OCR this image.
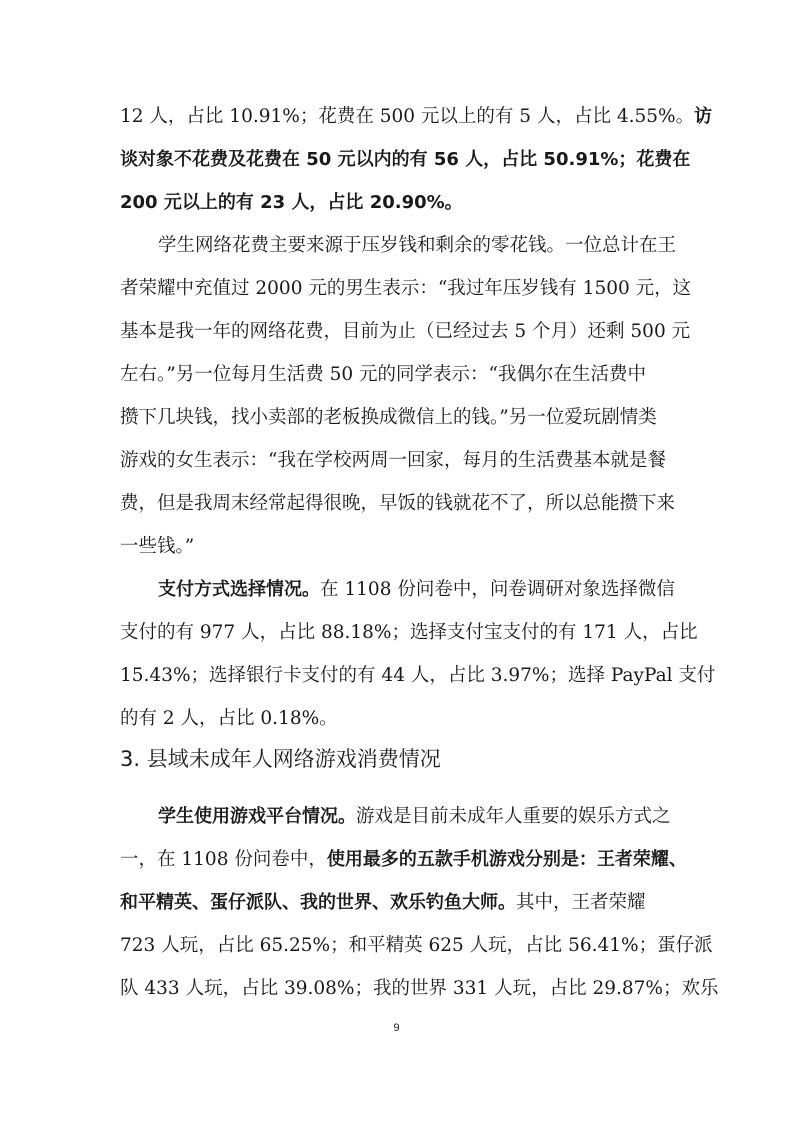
12 人，占比 10.91%；花费在 500 元以上的有 5 人，占比 4.55%。访
谈对象不花费及花费在 50 元以内的有 56 人，占比 50.91%；花费在
200 元以上的有 23 人，占比 20.90%。
学生网络花费主要来源于压岁钱和剩余的零花钱。一位总计在王
者荣耀中充值过 2000 元的男生表示：“我过年压岁钱有 1500 元，这
基本是我一年的网络花费，目前为止（已经过去 5 个月）还剩 500 元
左右。”另一位每月生活费 50 元的同学表示：“我偶尔在生活费中
攒下几块钱，找小卖部的老板换成微信上的钱。”另一位爱玩剧情类
游戏的女生表示：“我在学校两周一回家，每月的生活费基本就是餐
费，但是我周末经常起得很晚，早饭的钱就花不了，所以总能攒下来
一些钱。”
支付方式选择情况。在 1108 份问卷中，问卷调研对象选择微信
支付的有 977 人，占比 88.18%；选择支付宝支付的有 171 人，占比
15.43%；选择银行卡支付的有 44 人，占比 3.97%；选择 PayPal 支付
的有 2 人，占比 0.18%。
3. 县域未成年人网络游戏消费情况
学生使用游戏平台情况。游戏是目前未成年人重要的娱乐方式之
一，在 1108 份问卷中，使用最多的五款手机游戏分别是：王者荣耀、
和平精英、蛋仔派队、我的世界、欢乐钓鱼大师。其中，王者荣耀
723 人玩，占比 65.25%；和平精英 625 人玩，占比 56.41%；蛋仔派
队 433 人玩，占比 39.08%；我的世界 331 人玩，占比 29.87%；欢乐
9
